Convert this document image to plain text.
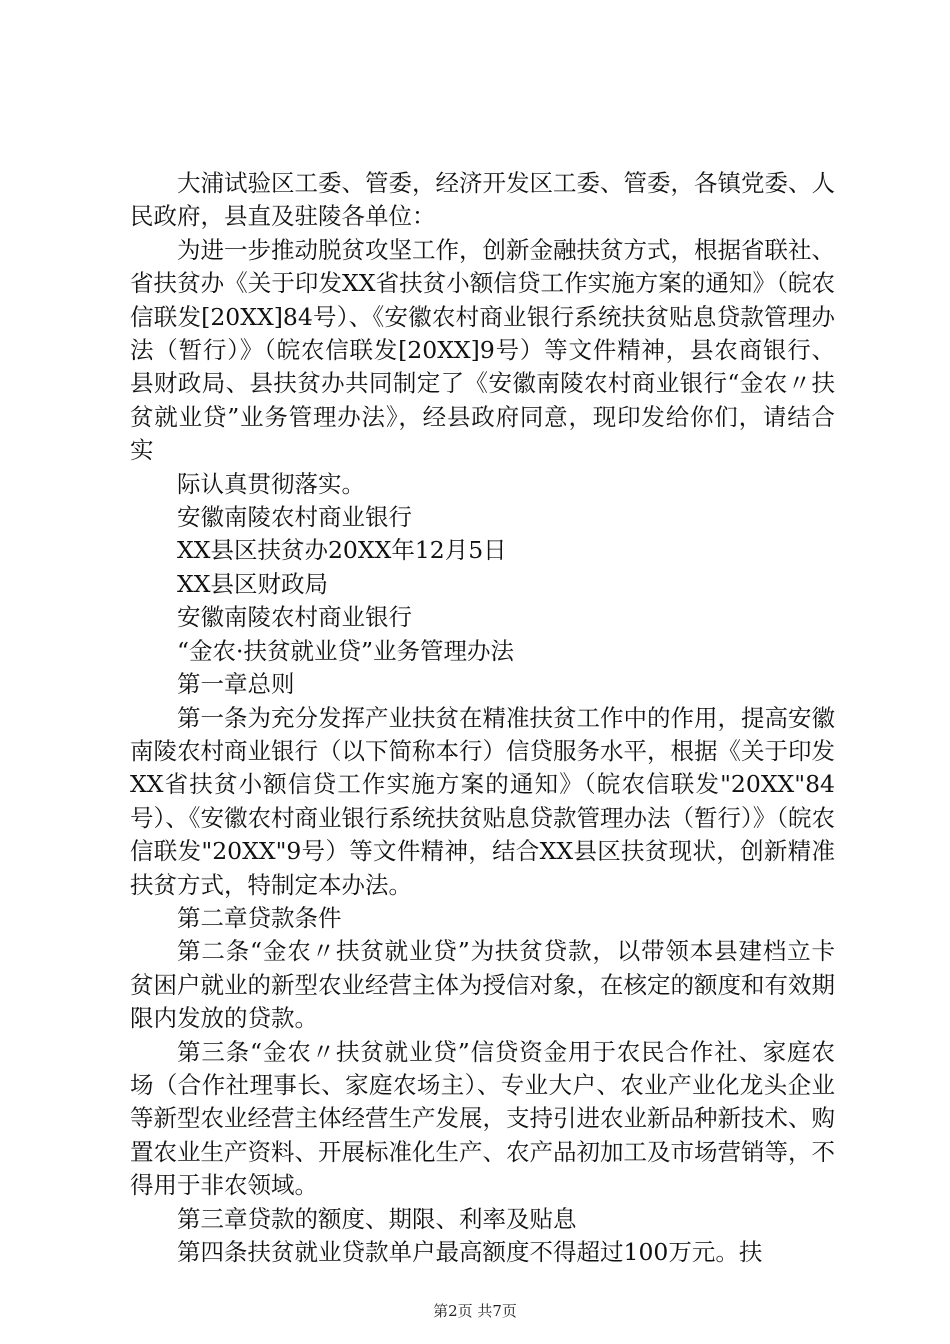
大浦试验区工委、管委，经济开发区工委、管委，各镇党委、人民政府，县直及驻陵各单位：

为进一步推动脱贫攻坚工作，创新金融扶贫方式，根据省联社、省扶贫办《关于印发XX省扶贫小额信贷工作实施方案的通知》（皖农信联发[20XX]84号）、《安徽农村商业银行系统扶贫贴息贷款管理办法（暂行）》（皖农信联发[20XX]9号）等文件精神，县农商银行、县财政局、县扶贫办共同制定了《安徽南陵农村商业银行“金农〃扶贫就业贷”业务管理办法》，经县政府同意，现印发给你们，请结合实

际认真贯彻落实。

安徽南陵农村商业银行

XX县区扶贫办20XX年12月5日

XX县区财政局

安徽南陵农村商业银行

“金农·扶贫就业贷”业务管理办法

第一章总则

第一条为充分发挥产业扶贫在精准扶贫工作中的作用，提高安徽南陵农村商业银行（以下简称本行）信贷服务水平，根据《关于印发XX省扶贫小额信贷工作实施方案的通知》（皖农信联发"20XX"84号）、《安徽农村商业银行系统扶贫贴息贷款管理办法（暂行）》（皖农信联发"20XX"9号）等文件精神，结合XX县区扶贫现状，创新精准扶贫方式，特制定本办法。

第二章贷款条件

第二条“金农〃扶贫就业贷”为扶贫贷款，以带领本县建档立卡贫困户就业的新型农业经营主体为授信对象，在核定的额度和有效期限内发放的贷款。

第三条“金农〃扶贫就业贷”信贷资金用于农民合作社、家庭农场（合作社理事长、家庭农场主）、专业大户、农业产业化龙头企业等新型农业经营主体经营生产发展，支持引进农业新品种新技术、购置农业生产资料、开展标准化生产、农产品初加工及市场营销等，不得用于非农领域。

第三章贷款的额度、期限、利率及贴息

第四条扶贫就业贷款单户最高额度不得超过100万元。扶

第2页 共7页
